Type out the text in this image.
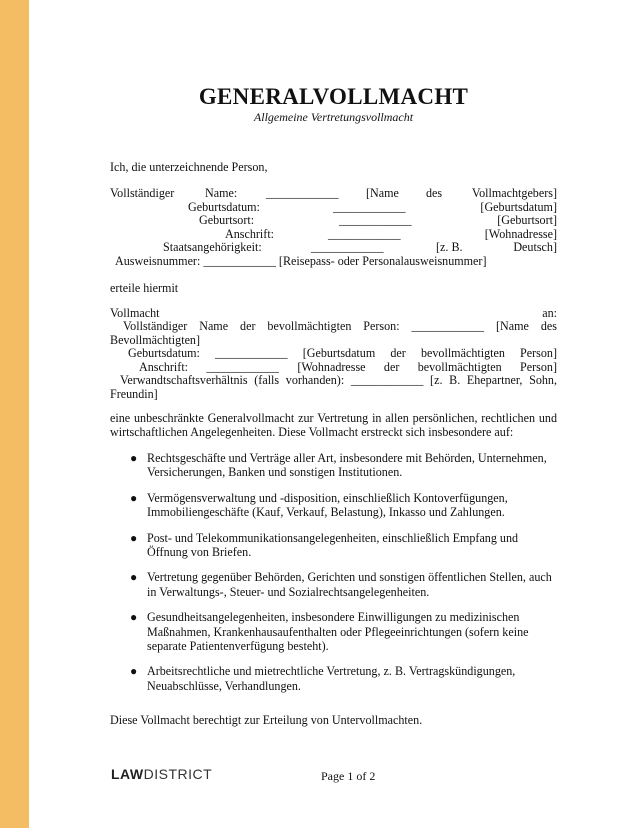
GENERALVOLLMACHT
Allgemeine Vertretungsvollmacht
Ich, die unterzeichnende Person,
Vollständiger	Name: ____________ [Name des Vollmachtgebers]
Geburtsdatum:	____________	[Geburtsdatum]
Geburtsort:	____________	[Geburtsort]
Anschrift:	____________	[Wohnadresse]
Staatsangehörigkeit:	____________	[z. B.	Deutsch]
Ausweisnummer: ____________ [Reisepass- oder Personalausweisnummer]
erteile hiermit
Vollmacht	an:
Vollständiger Name der bevollmächtigten Person: ____________ [Name des
Bevollmächtigten]
Geburtsdatum: ____________ [Geburtsdatum der bevollmächtigten Person]
Anschrift: ____________ [Wohnadresse der bevollmächtigten Person]
Verwandtschaftsverhältnis (falls vorhanden): ____________ [z. B. Ehepartner, Sohn,
Freundin]
eine unbeschränkte Generalvollmacht zur Vertretung in allen persönlichen, rechtlichen und wirtschaftlichen Angelegenheiten. Diese Vollmacht erstreckt sich insbesondere auf:
● Rechtsgeschäfte und Verträge aller Art, insbesondere mit Behörden, Unternehmen, Versicherungen, Banken und sonstigen Institutionen.
● Vermögensverwaltung und -disposition, einschließlich Kontoverfügungen, Immobiliengeschäfte (Kauf, Verkauf, Belastung), Inkasso und Zahlungen.
● Post- und Telekommunikationsangelegenheiten, einschließlich Empfang und Öffnung von Briefen.
● Vertretung gegenüber Behörden, Gerichten und sonstigen öffentlichen Stellen, auch in Verwaltungs-, Steuer- und Sozialrechtsangelegenheiten.
● Gesundheitsangelegenheiten, insbesondere Einwilligungen zu medizinischen Maßnahmen, Krankenhausaufenthalten oder Pflegeeinrichtungen (sofern keine separate Patientenverfügung besteht).
● Arbeitsrechtliche und mietrechtliche Vertretung, z. B. Vertragskündigungen, Neuabschlüsse, Verhandlungen.
Diese Vollmacht berechtigt zur Erteilung von Untervollmachten.
LAWDISTRICT	Page 1 of 2
